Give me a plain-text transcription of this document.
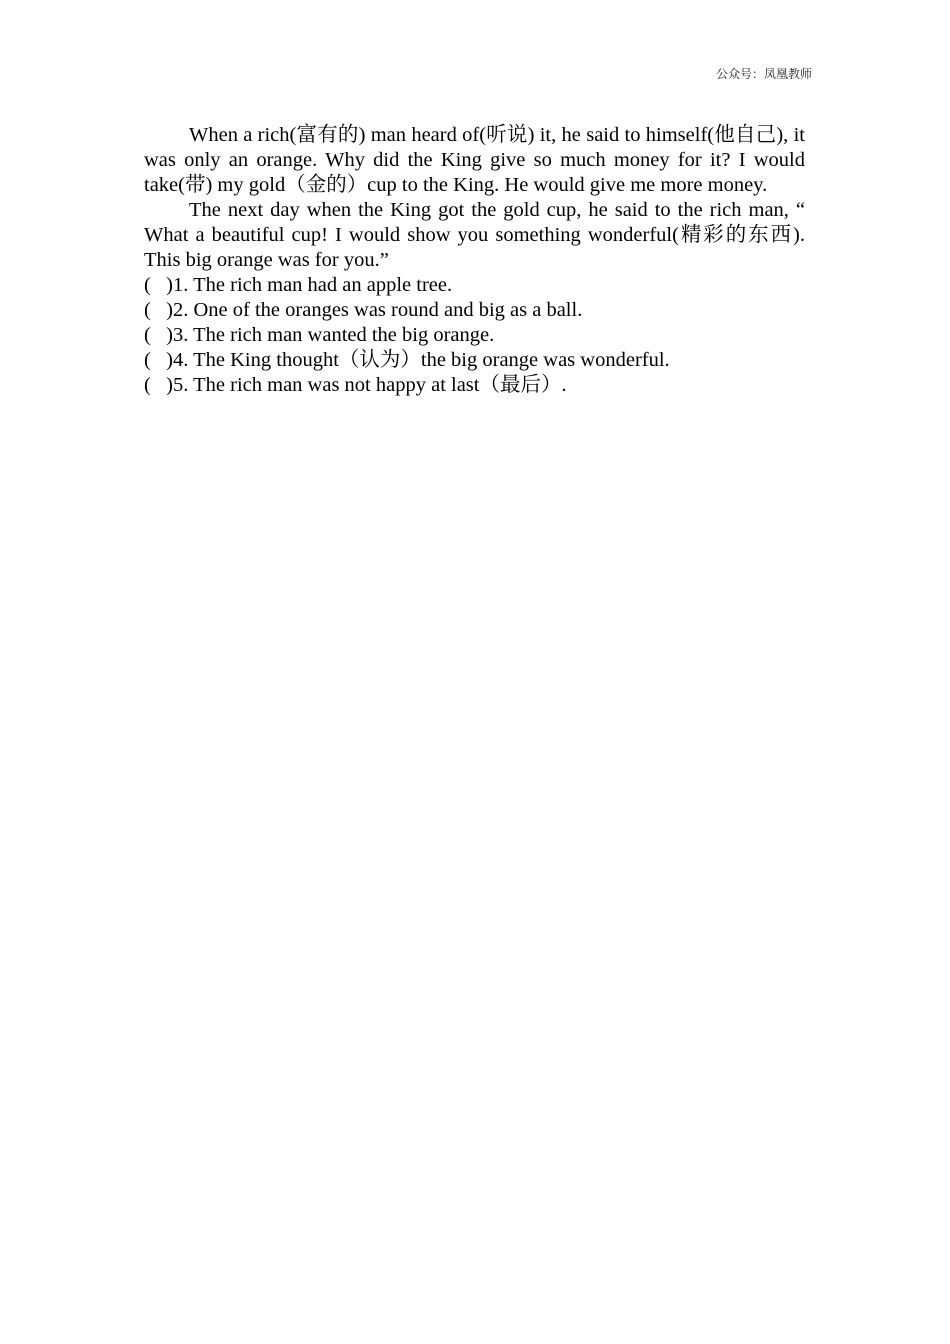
公众号：凤凰教师

When a rich(富有的) man heard of(听说) it, he said to himself(他自己), it was only an orange. Why did the King give so much money for it? I would take(带) my gold（金的）cup to the King. He would give me more money.

The next day when the King got the gold cup, he said to the rich man, “ What a beautiful cup! I would show you something wonderful(精彩的东西). This big orange was for you.”

( ) 1. The rich man had an apple tree.
( ) 2. One of the oranges was round and big as a ball.
( ) 3. The rich man wanted the big orange.
( ) 4. The King thought（认为）the big orange was wonderful.
( ) 5. The rich man was not happy at last（最后）.
